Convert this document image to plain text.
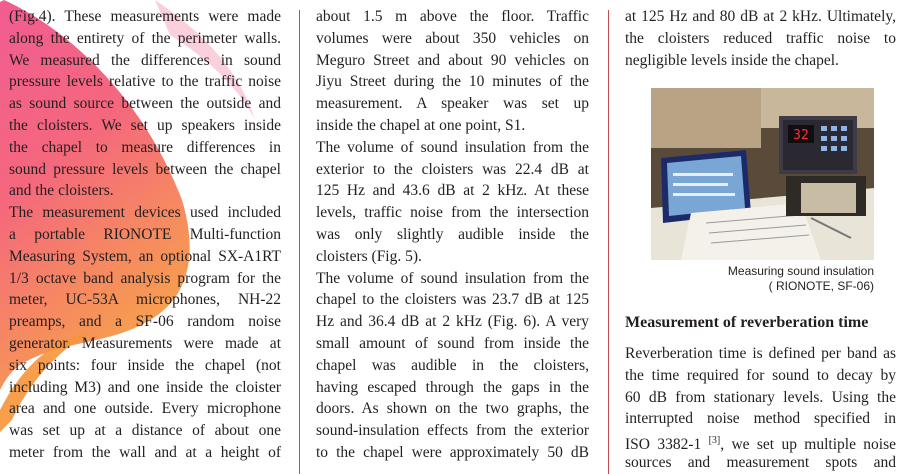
(Fig.4). These measurements were made
along the entirety of the perimeter walls.
We measured the differences in sound
pressure levels relative to the traffic noise
as sound source between the outside and
the cloisters. We set up speakers inside
the chapel to measure differences in
sound pressure levels between the chapel
and the cloisters.
The measurement devices used included
a portable RIONOTE Multi-function
Measuring System, an optional SX-A1RT
1/3 octave band analysis program for the
meter, UC-53A microphones, NH-22
preamps, and a SF-06 random noise
generator. Measurements were made at
six points: four inside the chapel (not
including M3) and one inside the cloister
area and one outside. Every microphone
was set up at a distance of about one
meter from the wall and at a height of
about 1.5 m above the floor. Traffic
volumes were about 350 vehicles on
Meguro Street and about 90 vehicles on
Jiyu Street during the 10 minutes of the
measurement. A speaker was set up
inside the chapel at one point, S1.
The volume of sound insulation from the
exterior to the cloisters was 22.4 dB at
125 Hz and 43.6 dB at 2 kHz. At these
levels, traffic noise from the intersection
was only slightly audible inside the
cloisters (Fig. 5).
The volume of sound insulation from the
chapel to the cloisters was 23.7 dB at 125
Hz and 36.4 dB at 2 kHz (Fig. 6). A very
small amount of sound from inside the
chapel was audible in the cloisters,
having escaped through the gaps in the
doors. As shown on the two graphs, the
sound-insulation effects from the exterior
to the chapel were approximately 50 dB
at 125 Hz and 80 dB at 2 kHz. Ultimately,
the cloisters reduced traffic noise to
negligible levels inside the chapel.
32
Measuring sound insulation
( RIONOTE, SF-06)
Measurement of reverberation time
Reverberation time is defined per band as
the time required for sound to decay by
60 dB from stationary levels. Using the
interrupted noise method specified in
ISO 3382-1 [3], we set up multiple noise
sources and measurement spots and
